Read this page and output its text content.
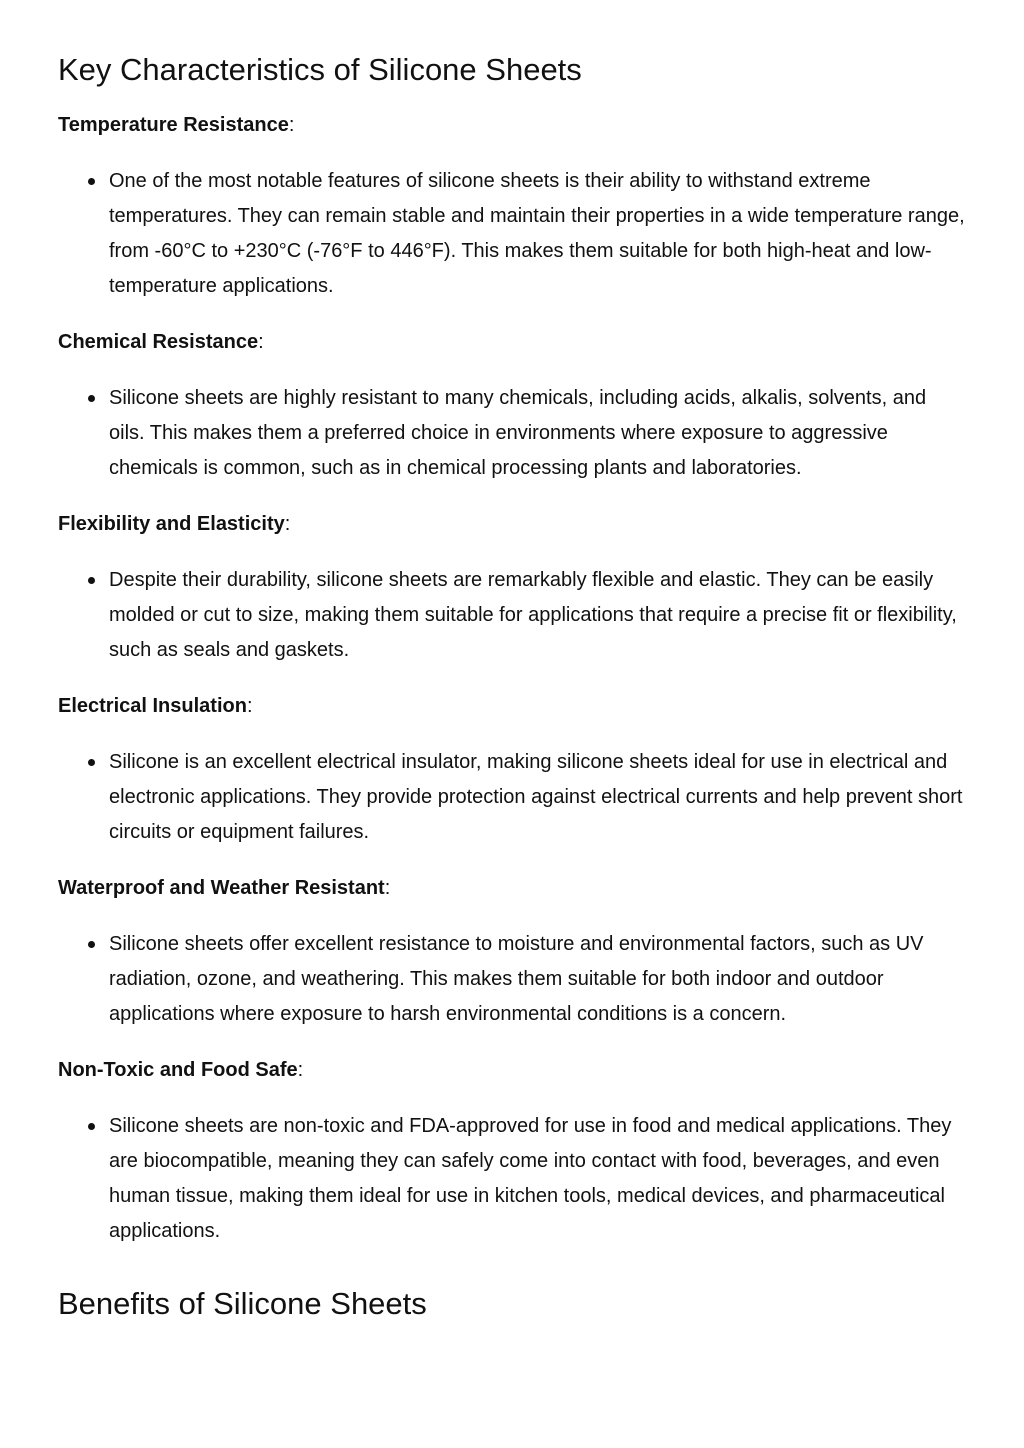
Key Characteristics of Silicone Sheets

Temperature Resistance:

One of the most notable features of silicone sheets is their ability to withstand extreme temperatures. They can remain stable and maintain their properties in a wide temperature range, from -60°C to +230°C (-76°F to 446°F). This makes them suitable for both high-heat and low-temperature applications.

Chemical Resistance:

Silicone sheets are highly resistant to many chemicals, including acids, alkalis, solvents, and oils. This makes them a preferred choice in environments where exposure to aggressive chemicals is common, such as in chemical processing plants and laboratories.

Flexibility and Elasticity:

Despite their durability, silicone sheets are remarkably flexible and elastic. They can be easily molded or cut to size, making them suitable for applications that require a precise fit or flexibility, such as seals and gaskets.

Electrical Insulation:

Silicone is an excellent electrical insulator, making silicone sheets ideal for use in electrical and electronic applications. They provide protection against electrical currents and help prevent short circuits or equipment failures.

Waterproof and Weather Resistant:

Silicone sheets offer excellent resistance to moisture and environmental factors, such as UV radiation, ozone, and weathering. This makes them suitable for both indoor and outdoor applications where exposure to harsh environmental conditions is a concern.

Non-Toxic and Food Safe:

Silicone sheets are non-toxic and FDA-approved for use in food and medical applications. They are biocompatible, meaning they can safely come into contact with food, beverages, and even human tissue, making them ideal for use in kitchen tools, medical devices, and pharmaceutical applications.
Benefits of Silicone Sheets
